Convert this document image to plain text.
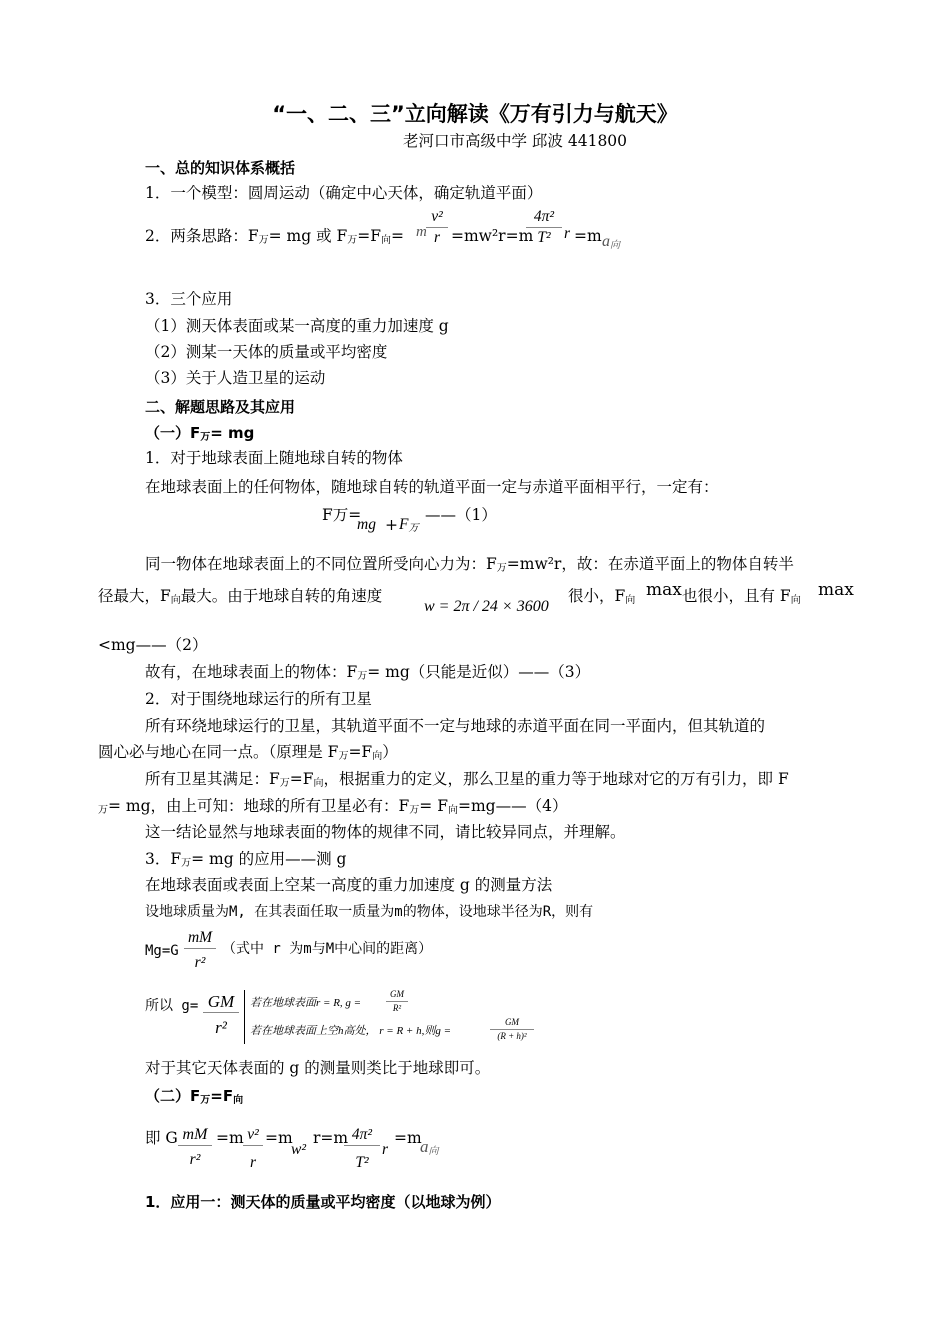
“一、二、三”立向解读《万有引力与航天》
老河口市高级中学 邱波 441800
一、总的知识体系概括
1．一个模型：圆周运动（确定中心天体，确定轨道平面）
2．两条思路：$F_万=$ mg 或 $F_万=F_向= m$
v²
r =mw²r=m
4π²
T² r =m $a_向$
3．三个应用
（1）测天体表面或某一高度的重力加速度 g
（2）测某一天体的质量或平均密度
（3）关于人造卫星的运动
二、解题思路及其应用
（一）$F_万=$ mg
1．对于地球表面上随地球自转的物体
在地球表面上的任何物体，随地球自转的轨道平面一定与赤道平面相平行，一定有：
F万=
mg + $F_万$
——（1）
同一物体在地球表面上的不同位置所受向心力为：$F_万=mw^2r$，故：在赤道平面上的物体自转半
径最大，$F_向$最大。由于地球自转的角速度
w = 2π / 24 × 3600
很小，$F_向$
max 也很小，且有 $F_向$
max
<mg——（2）
故有，在地球表面上的物体：$F_万= mg$（只能是近似）——（3）
2．对于围绕地球运行的所有卫星
所有环绕地球运行的卫星，其轨道平面不一定与地球的赤道平面在同一平面内，但其轨道的
圆心必与地心在同一点。（原理是 $F_万=F_向$）
所有卫星其满足：$F_万=F_向$，根据重力的定义，那么卫星的重力等于地球对它的万有引力，即 F
$_万$= mg，由上可知：地球的所有卫星必有：$F_万=$ $F_向=mg——(4)$
这一结论显然与地球表面的物体的规律不同，请比较异同点，并理解。
3．$F_万=$ mg 的应用——测 g
在地球表面或表面上空某一高度的重力加速度 g 的测量方法
设地球质量为M, 在其表面任取一质量为m的物体，设地球半径为R，则有
Mg=G
mM
r²
（式中 r 为m与M中心间的距离）
所以 g= GM
r²
若在地球表面r = R, g =
GM
R²
若在地球表面上空h高处， r = R + h,则g =
GM
(R + h)²
对于其它天体表面的 g 的测量则类比于地球即可。
（二）$F_万=F_向$
即 G mM
r²
=m v²
r
=m
w²
r=m 4π²
T²
r
=m
$a_向$
1．应用一：测天体的质量或平均密度（以地球为例）
